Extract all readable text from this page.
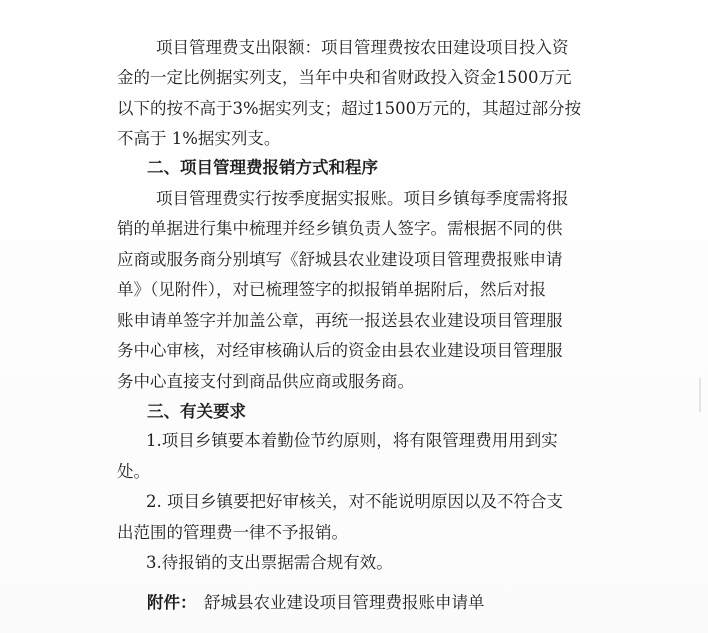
项目管理费支出限额：项目管理费按农田建设项目投入资
金的一定比例据实列支，当年中央和省财政投入资金1500万元
以下的按不高于3%据实列支；超过1500万元的，其超过部分按
不高于 1%据实列支。
二、项目管理费报销方式和程序
项目管理费实行按季度据实报账。项目乡镇每季度需将报
销的单据进行集中梳理并经乡镇负责人签字。需根据不同的供
应商或服务商分别填写《舒城县农业建设项目管理费报账申请
单》（见附件），对已梳理签字的拟报销单据附后，然后对报
账申请单签字并加盖公章，再统一报送县农业建设项目管理服
务中心审核，对经审核确认后的资金由县农业建设项目管理服
务中心直接支付到商品供应商或服务商。
三、有关要求
1.项目乡镇要本着勤俭节约原则，将有限管理费用用到实
处。
2. 项目乡镇要把好审核关，对不能说明原因以及不符合支
出范围的管理费一律不予报销。
3.待报销的支出票据需合规有效。
附件： 舒城县农业建设项目管理费报账申请单
